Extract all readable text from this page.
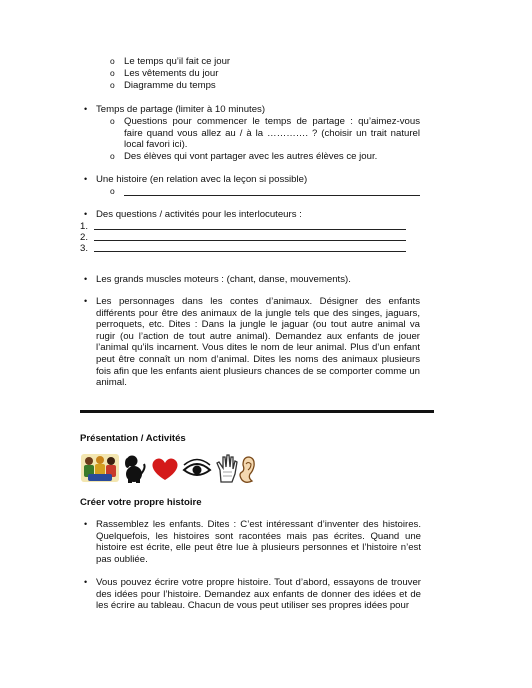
o Le temps qu’il fait ce jour
o Les vêtements du jour
o Diagramme du temps
• Temps de partage (limiter à 10 minutes)
o Questions pour commencer le temps de partage : qu’aimez-vous faire quand vous allez au / à la …………. ? (choisir un trait naturel local favori ici).
o Des élèves qui vont partager avec les autres élèves ce jour.
• Une histoire (en relation avec la leçon si possible)
o
• Des questions / activités pour les interlocuteurs :
1.
2.
3.
• Les grands muscles moteurs : (chant, danse, mouvements).
• Les personnages dans les contes d’animaux. Désigner des enfants différents pour être des animaux de la jungle tels que des singes, jaguars, perroquets, etc. Dites : Dans la jungle le jaguar (ou tout autre animal va rugir (ou l’action de tout autre animal). Demandez aux enfants de jouer l’animal qu’ils incarnent. Vous dites le nom de leur animal. Plus d’un enfant peut être connaît un nom d’animal. Dites les noms des animaux plusieurs fois afin que les enfants aient plusieurs chances de se comporter comme un animal.
Présentation / Activités
Créer votre propre histoire
• Rassemblez les enfants. Dites : C’est intéressant d’inventer des histoires. Quelquefois, les histoires sont racontées mais pas écrites. Quand une histoire est écrite, elle peut être lue à plusieurs personnes et l’histoire n’est pas oubliée.
• Vous pouvez écrire votre propre histoire. Tout d’abord, essayons de trouver des idées pour l’histoire. Demandez aux enfants de donner des idées et de les écrire au tableau. Chacun de vous peut utiliser ses propres idées pour
